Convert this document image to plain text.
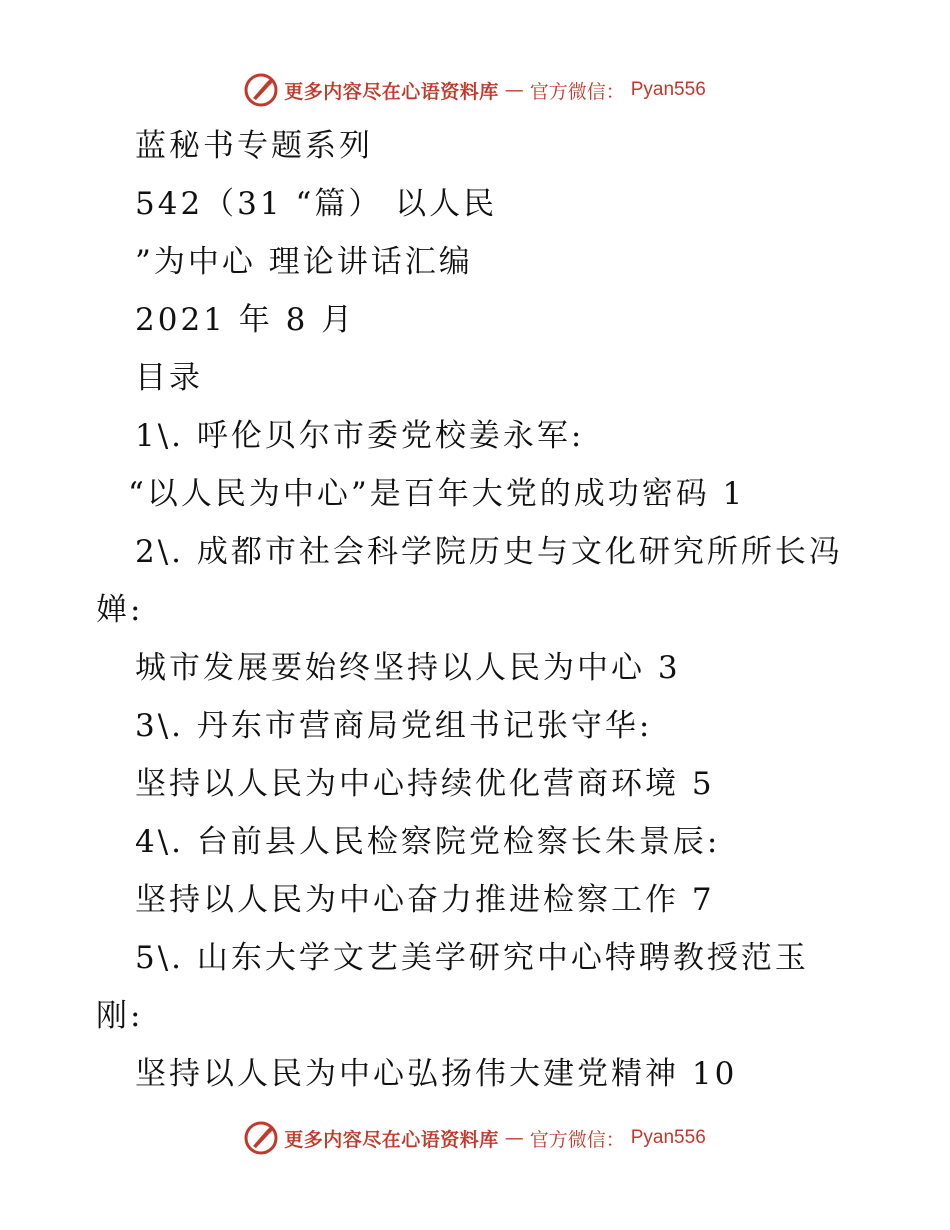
更多内容尽在心语资料库 — 官方微信： Pyan556
蓝秘书专题系列
542（31 “篇） 以人民
”为中心 理论讲话汇编
2021 年 8 月
目录
1\. 呼伦贝尔市委党校姜永军:
“以人民为中心”是百年大党的成功密码 1
2\. 成都市社会科学院历史与文化研究所所长冯
婵:
城市发展要始终坚持以人民为中心 3
3\. 丹东市营商局党组书记张守华:
坚持以人民为中心持续优化营商环境 5
4\. 台前县人民检察院党检察长朱景辰:
坚持以人民为中心奋力推进检察工作 7
5\. 山东大学文艺美学研究中心特聘教授范玉
刚:
坚持以人民为中心弘扬伟大建党精神 10
更多内容尽在心语资料库 — 官方微信： Pyan556
